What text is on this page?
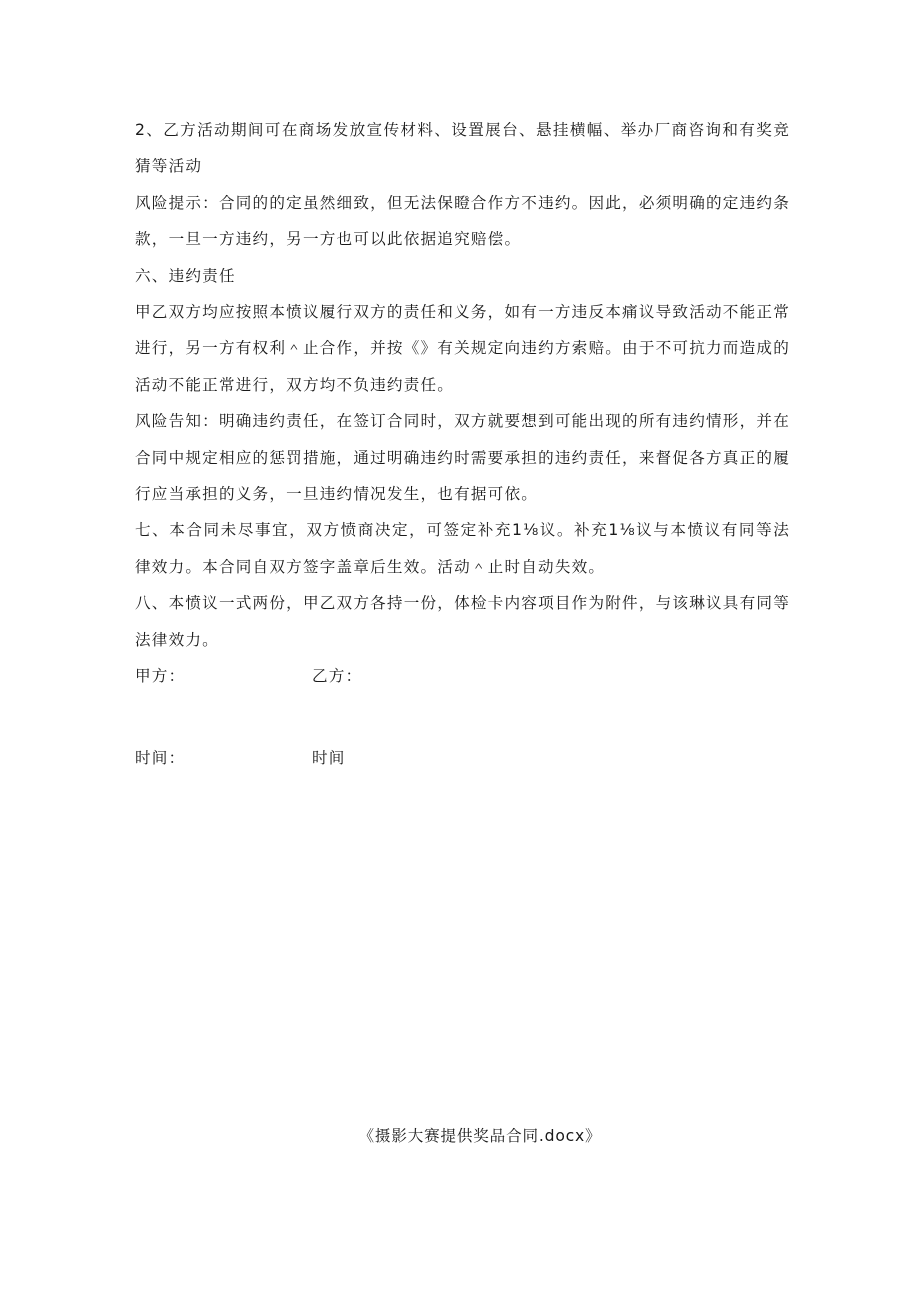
2、乙方活动期间可在商场发放宣传材料、设置展台、悬挂横幅、举办厂商咨询和有奖竞猜等活动

风险提示：合同的的定虽然细致，但无法保瞪合作方不违约。因此，必须明确的定违约条款，一旦一方违约，另一方也可以此依据追究赔偿。

六、违约责任

甲乙双方均应按照本愤议履行双方的责任和义务，如有一方违反本痛议导致活动不能正常进行，另一方有权利＾止合作，并按《》有关规定向违约方索赔。由于不可抗力而造成的活动不能正常进行，双方均不负违约责任。

风险告知：明确违约责任，在签订合同时，双方就要想到可能出现的所有违约情形，并在合同中规定相应的惩罚措施，通过明确违约时需要承担的违约责任，来督促各方真正的履行应当承担的义务，一旦违约情况发生，也有据可依。

七、本合同未尽事宜，双方愤商决定，可签定补充1⅛议。补充1⅛议与本愤议有同等法律效力。本合同自双方签字盖章后生效。活动＾止时自动失效。

八、本愤议一式两份，甲乙双方各持一份，体检卡内容项目作为附件，与该琳议具有同等法律效力。

甲方：	乙方：
时间：	时间
《摄影大赛提供奖品合同.docx》
